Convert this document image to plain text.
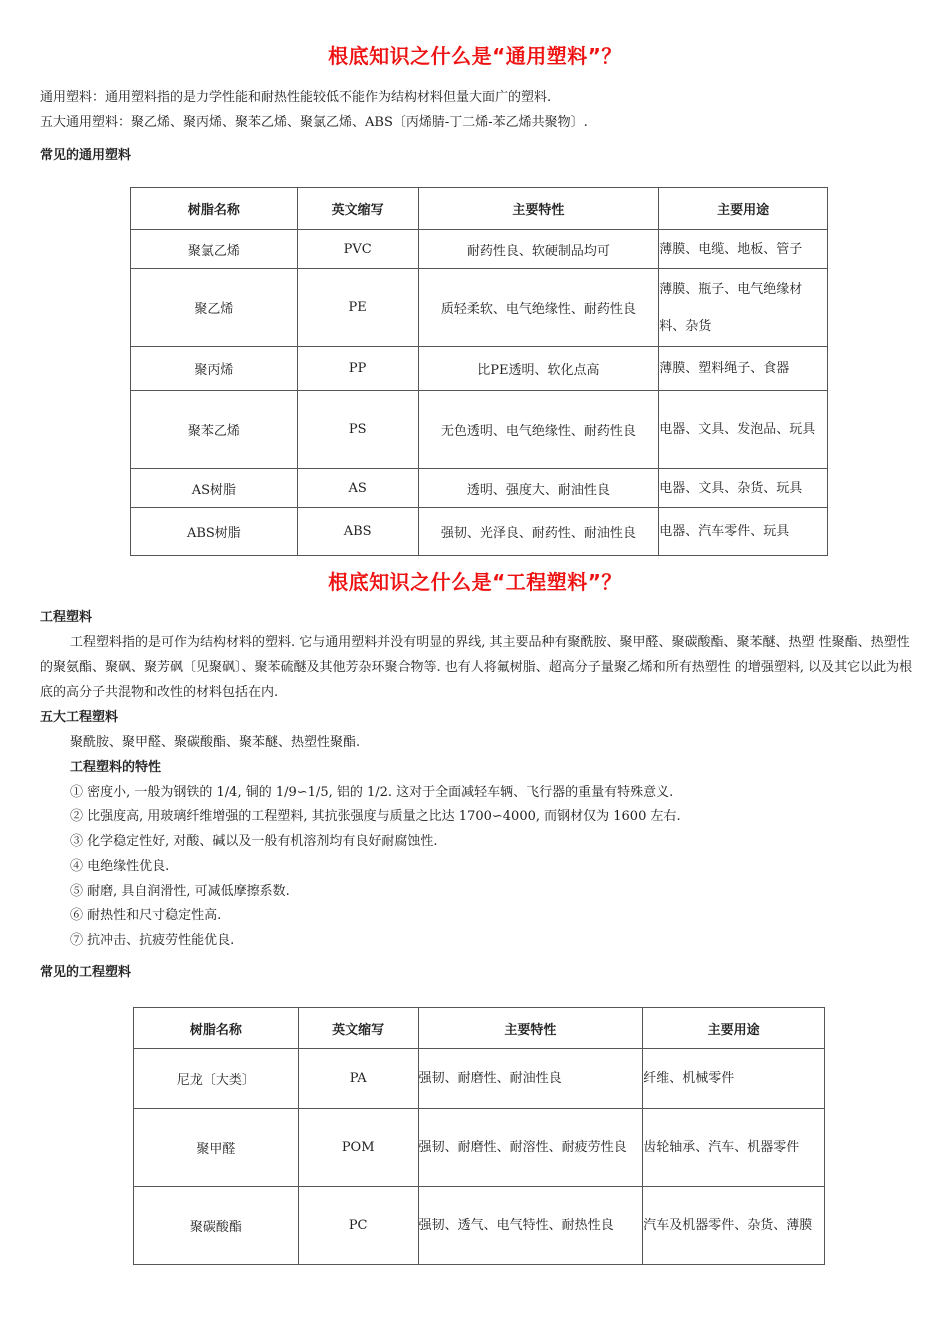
根底知识之什么是“通用塑料”？
通用塑料：通用塑料指的是力学性能和耐热性能较低不能作为结构材料但量大面广的塑料.
五大通用塑料：聚乙烯、聚丙烯、聚苯乙烯、聚氯乙烯、ABS〔丙烯腈-丁二烯-苯乙烯共聚物〕.
常见的通用塑料
树脂名称	英文缩写	主要特性	主要用途
聚氯乙烯	PVC	耐药性良、软硬制品均可	薄膜、电缆、地板、管子
聚乙烯	PE	质轻柔软、电气绝缘性、耐药性良	薄膜、瓶子、电气绝缘材料、杂货
聚丙烯	PP	比PE透明、软化点高	薄膜、塑料绳子、食器
聚苯乙烯	PS	无色透明、电气绝缘性、耐药性良	电器、文具、发泡品、玩具
AS树脂	AS	透明、强度大、耐油性良	电器、文具、杂货、玩具
ABS树脂	ABS	强韧、光泽良、耐药性、耐油性良	电器、汽车零件、玩具
根底知识之什么是“工程塑料”？
工程塑料
工程塑料指的是可作为结构材料的塑料. 它与通用塑料并没有明显的界线, 其主要品种有聚酰胺、聚甲醛、聚碳酸酯、聚苯醚、热塑 性聚酯、热塑性的聚氨酯、聚砜、聚芳砜〔见聚砜〕、聚苯硫醚及其他芳杂环聚合物等. 也有人将氟树脂、超高分子量聚乙烯和所有热塑性 的增强塑料, 以及其它以此为根底的高分子共混物和改性的材料包括在内.
五大工程塑料
聚酰胺、聚甲醛、聚碳酸酯、聚苯醚、热塑性聚酯.
工程塑料的特性
① 密度小, 一般为钢铁的 1/4, 铜的 1/9∽1/5, 铝的 1/2. 这对于全面减轻车辆、飞行器的重量有特殊意义.
② 比强度高, 用玻璃纤维增强的工程塑料, 其抗张强度与质量之比达 1700∽4000, 而钢材仅为 1600 左右.
③ 化学稳定性好, 对酸、碱以及一般有机溶剂均有良好耐腐蚀性.
④ 电绝缘性优良.
⑤ 耐磨, 具自润滑性, 可减低摩擦系数.
⑥ 耐热性和尺寸稳定性高.
⑦ 抗冲击、抗疲劳性能优良.
常见的工程塑料
树脂名称	英文缩写	主要特性	主要用途
尼龙〔大类〕	PA	强韧、耐磨性、耐油性良	纤维、机械零件
聚甲醛	POM	强韧、耐磨性、耐溶性、耐疲劳性良	齿轮轴承、汽车、机器零件
聚碳酸酯	PC	强韧、透气、电气特性、耐热性良	汽车及机器零件、杂货、薄膜
